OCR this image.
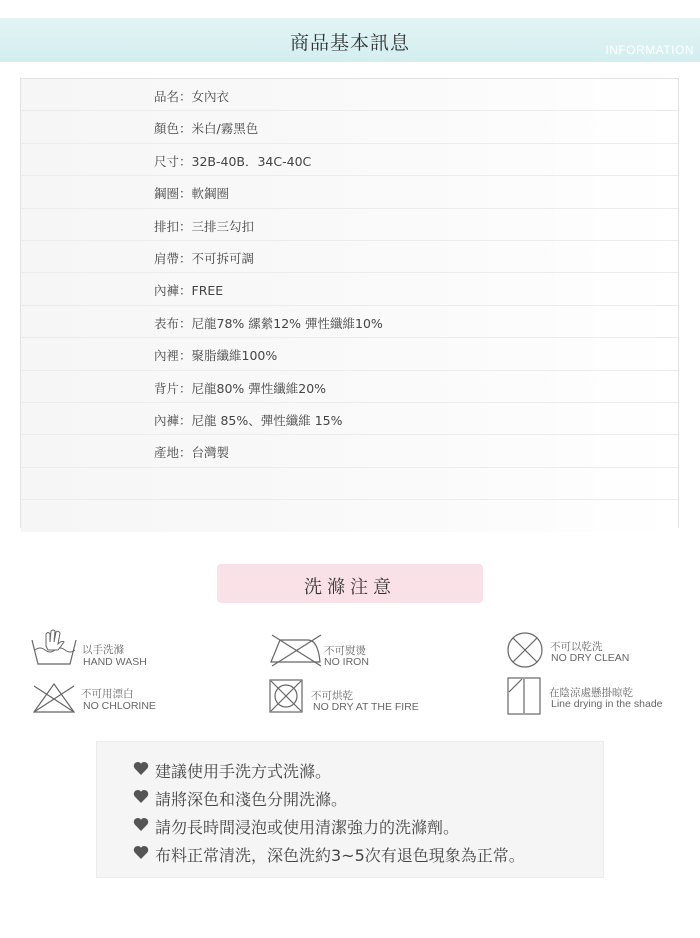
商品基本訊息	INFORMATION
品名：女內衣
顏色：米白/霧黑色
尺寸：32B-40B．34C-40C
鋼圈：軟鋼圈
排扣：三排三勾扣
肩帶：不可拆可調
內褲：FREE
表布：尼龍78% 縲縈12% 彈性纖維10%
內裡：聚脂纖維100%
背片：尼龍80% 彈性纖維20%
內褲：尼龍 85%、彈性纖維 15%
產地：台灣製
洗滌注意
以手洗滌
HAND WASH
不可熨燙
NO IRON
不可以乾洗
NO DRY CLEAN
不可用漂白
NO CHLORINE
不可烘乾
NO DRY AT THE FIRE
在陰涼處懸掛晾乾
Line drying in the shade
建議使用手洗方式洗滌。
請將深色和淺色分開洗滌。
請勿長時間浸泡或使用清潔強力的洗滌劑。
布料正常清洗，深色洗約3~5次有退色現象為正常。
